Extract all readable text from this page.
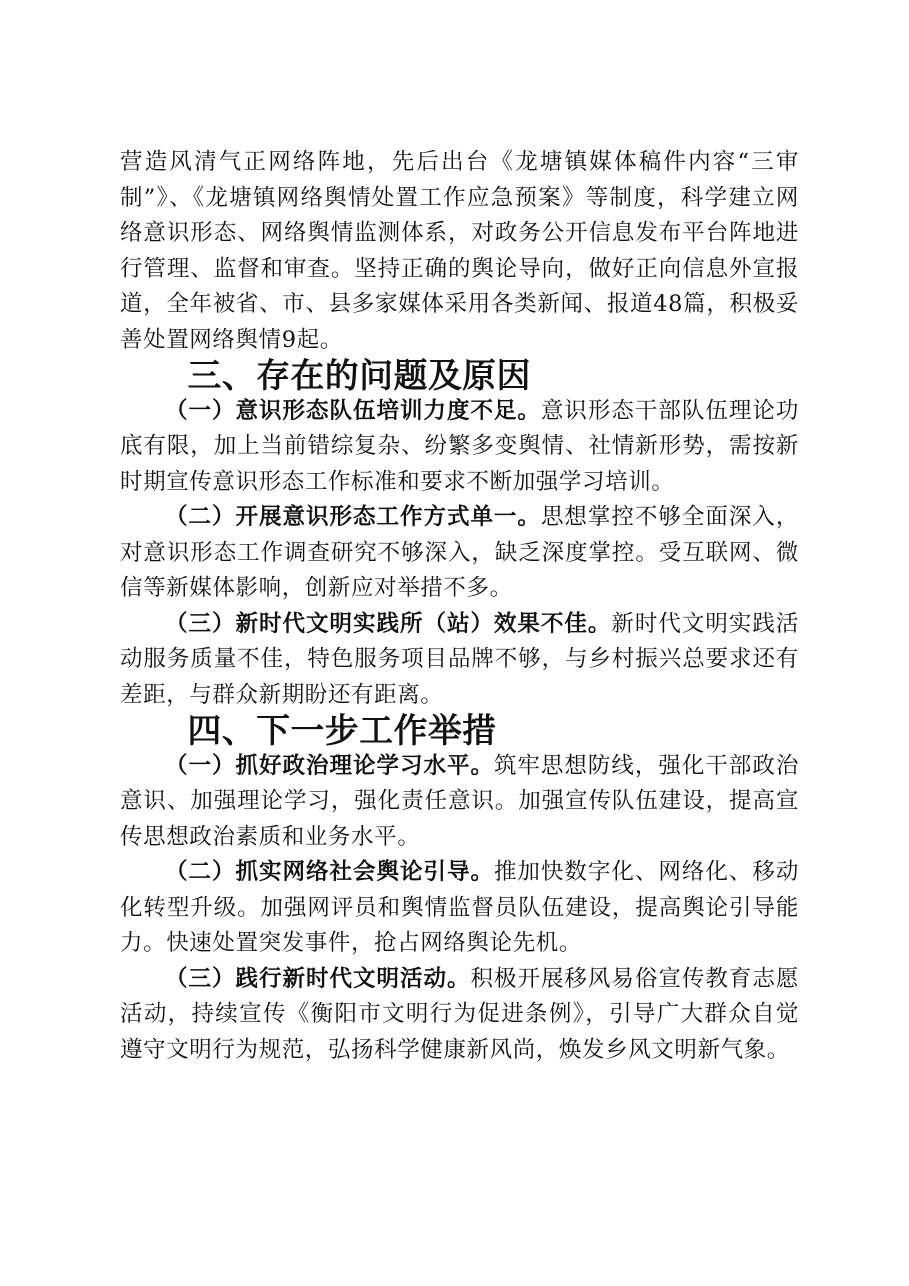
营造风清气正网络阵地，先后出台《龙塘镇媒体稿件内容“三审制”》、《龙塘镇网络舆情处置工作应急预案》等制度，科学建立网络意识形态、网络舆情监测体系，对政务公开信息发布平台阵地进行管理、监督和审查。坚持正确的舆论导向，做好正向信息外宣报道，全年被省、市、县多家媒体采用各类新闻、报道48篇，积极妥善处置网络舆情9起。

三、存在的问题及原因

（一）意识形态队伍培训力度不足。意识形态干部队伍理论功底有限，加上当前错综复杂、纷繁多变舆情、社情新形势，需按新时期宣传意识形态工作标准和要求不断加强学习培训。

（二）开展意识形态工作方式单一。思想掌控不够全面深入，对意识形态工作调查研究不够深入，缺乏深度掌控。受互联网、微信等新媒体影响，创新应对举措不多。

（三）新时代文明实践所（站）效果不佳。新时代文明实践活动服务质量不佳，特色服务项目品牌不够，与乡村振兴总要求还有差距，与群众新期盼还有距离。

四、下一步工作举措

（一）抓好政治理论学习水平。筑牢思想防线，强化干部政治意识、加强理论学习，强化责任意识。加强宣传队伍建设，提高宣传思想政治素质和业务水平。

（二）抓实网络社会舆论引导。推加快数字化、网络化、移动化转型升级。加强网评员和舆情监督员队伍建设，提高舆论引导能力。快速处置突发事件，抢占网络舆论先机。

（三）践行新时代文明活动。积极开展移风易俗宣传教育志愿活动，持续宣传《衡阳市文明行为促进条例》，引导广大群众自觉遵守文明行为规范，弘扬科学健康新风尚，焕发乡风文明新气象。
